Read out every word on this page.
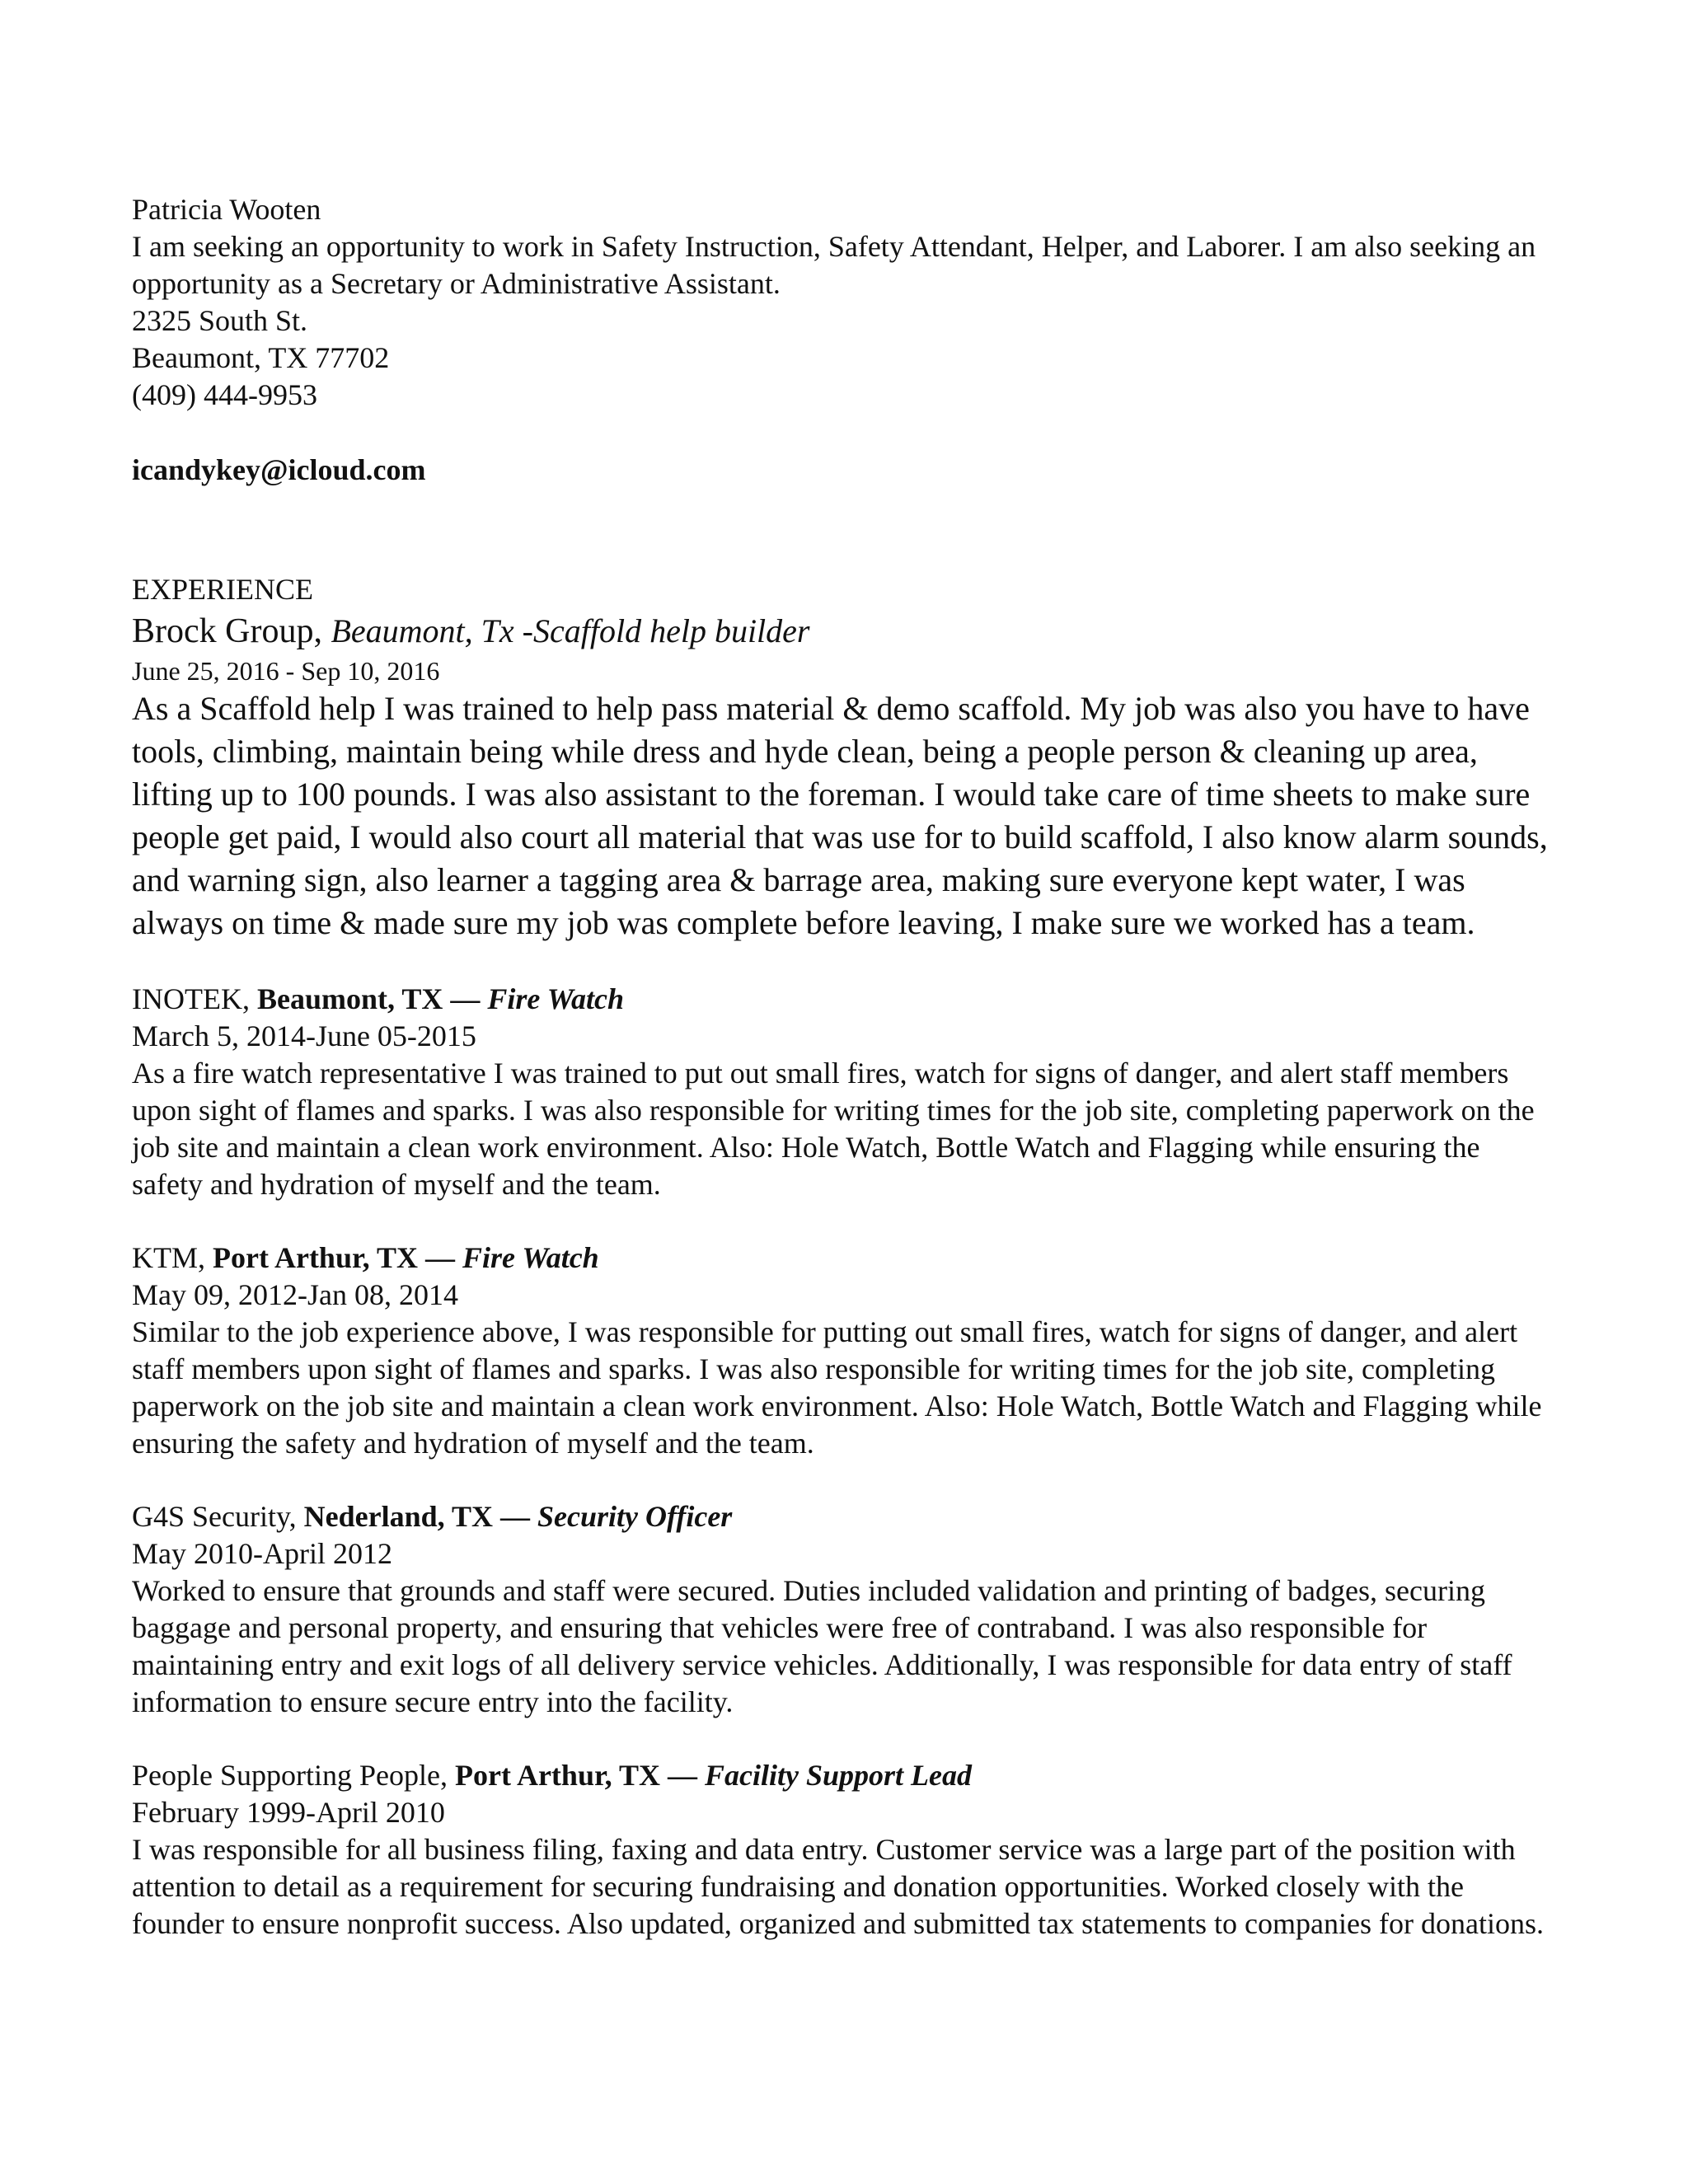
Patricia Wooten
I am seeking an opportunity to work in Safety Instruction, Safety Attendant, Helper, and Laborer. I am also seeking an opportunity as a Secretary or Administrative Assistant.
2325 South St.
Beaumont, TX 77702
(409) 444-9953
icandykey@icloud.com
EXPERIENCE
Brock Group, Beaumont, Tx -Scaffold help builder
June 25, 2016 - Sep 10, 2016
As a Scaffold help I was trained to help pass material & demo scaffold. My job was also you have to have tools, climbing, maintain being while dress and hyde clean, being a people person & cleaning up area, lifting up to 100 pounds. I was also assistant to the foreman. I would take care of time sheets to make sure people get paid, I would also court all material that was use for to build scaffold, I also know alarm sounds, and warning sign, also learner a tagging area & barrage area, making sure everyone kept water, I was always on time & made sure my job was complete before leaving, I make sure we worked has a team.
INOTEK, Beaumont, TX — Fire Watch
March 5, 2014-June 05-2015
As a fire watch representative I was trained to put out small fires, watch for signs of danger, and alert staff members upon sight of flames and sparks. I was also responsible for writing times for the job site, completing paperwork on the job site and maintain a clean work environment. Also: Hole Watch, Bottle Watch and Flagging while ensuring the safety and hydration of myself and the team.
KTM, Port Arthur, TX — Fire Watch
May 09, 2012-Jan 08, 2014
Similar to the job experience above, I was responsible for putting out small fires, watch for signs of danger, and alert staff members upon sight of flames and sparks. I was also responsible for writing times for the job site, completing paperwork on the job site and maintain a clean work environment. Also: Hole Watch, Bottle Watch and Flagging while ensuring the safety and hydration of myself and the team.
G4S Security, Nederland, TX — Security Officer
May 2010-April 2012
Worked to ensure that grounds and staff were secured. Duties included validation and printing of badges, securing baggage and personal property, and ensuring that vehicles were free of contraband. I was also responsible for maintaining entry and exit logs of all delivery service vehicles. Additionally, I was responsible for data entry of staff information to ensure secure entry into the facility.
People Supporting People, Port Arthur, TX — Facility Support Lead
February 1999-April 2010
I was responsible for all business filing, faxing and data entry. Customer service was a large part of the position with attention to detail as a requirement for securing fundraising and donation opportunities. Worked closely with the founder to ensure nonprofit success. Also updated, organized and submitted tax statements to companies for donations.
